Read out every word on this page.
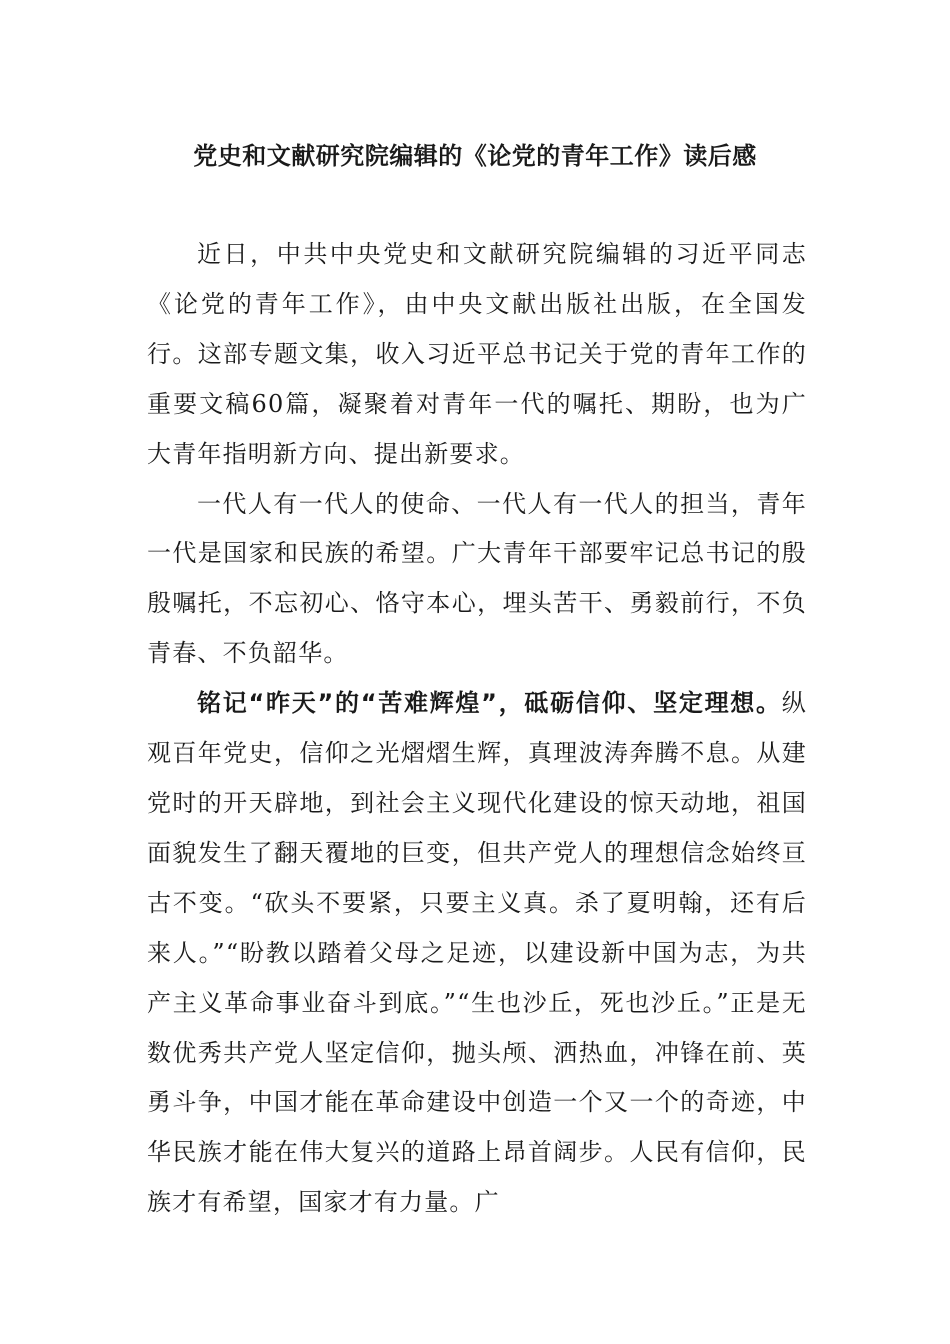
党史和文献研究院编辑的《论党的青年工作》读后感

近日，中共中央党史和文献研究院编辑的习近平同志《论党的青年工作》，由中央文献出版社出版，在全国发行。这部专题文集，收入习近平总书记关于党的青年工作的重要文稿60篇，凝聚着对青年一代的嘱托、期盼，也为广大青年指明新方向、提出新要求。

一代人有一代人的使命、一代人有一代人的担当，青年一代是国家和民族的希望。广大青年干部要牢记总书记的殷殷嘱托，不忘初心、恪守本心，埋头苦干、勇毅前行，不负青春、不负韶华。

铭记“昨天”的“苦难辉煌”，砥砺信仰、坚定理想。纵观百年党史，信仰之光熠熠生辉，真理波涛奔腾不息。从建党时的开天辟地，到社会主义现代化建设的惊天动地，祖国面貌发生了翻天覆地的巨变，但共产党人的理想信念始终亘古不变。“砍头不要紧，只要主义真。杀了夏明翰，还有后来人。”“盼教以踏着父母之足迹，以建设新中国为志，为共产主义革命事业奋斗到底。”“生也沙丘，死也沙丘。”正是无数优秀共产党人坚定信仰，抛头颅、洒热血，冲锋在前、英勇斗争，中国才能在革命建设中创造一个又一个的奇迹，中华民族才能在伟大复兴的道路上昂首阔步。人民有信仰，民族才有希望，国家才有力量。广
